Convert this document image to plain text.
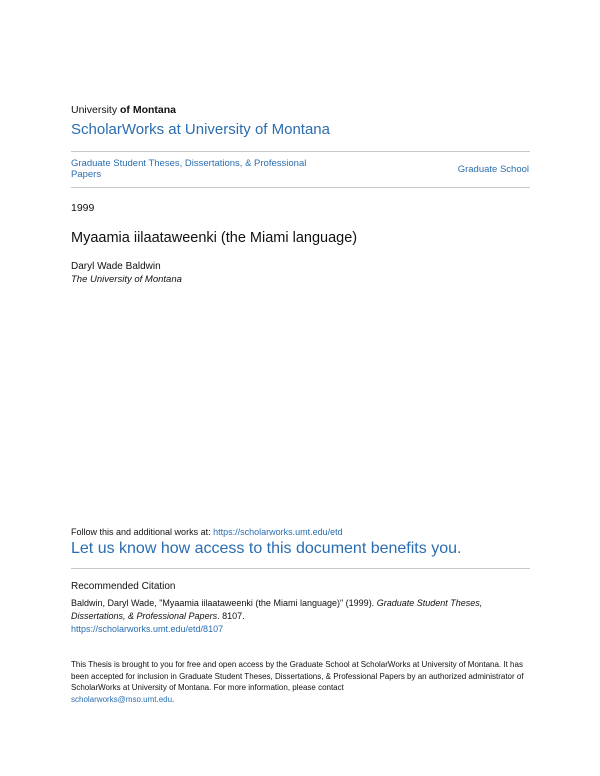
University of Montana
ScholarWorks at University of Montana
Graduate Student Theses, Dissertations, & Professional Papers	Graduate School
1999
Myaamia iilaataweenki (the Miami language)
Daryl Wade Baldwin
The University of Montana
Follow this and additional works at: https://scholarworks.umt.edu/etd
Let us know how access to this document benefits you.
Recommended Citation
Baldwin, Daryl Wade, "Myaamia iilaataweenki (the Miami language)" (1999). Graduate Student Theses, Dissertations, & Professional Papers. 8107.
https://scholarworks.umt.edu/etd/8107
This Thesis is brought to you for free and open access by the Graduate School at ScholarWorks at University of Montana. It has been accepted for inclusion in Graduate Student Theses, Dissertations, & Professional Papers by an authorized administrator of ScholarWorks at University of Montana. For more information, please contact
scholarworks@mso.umt.edu.
